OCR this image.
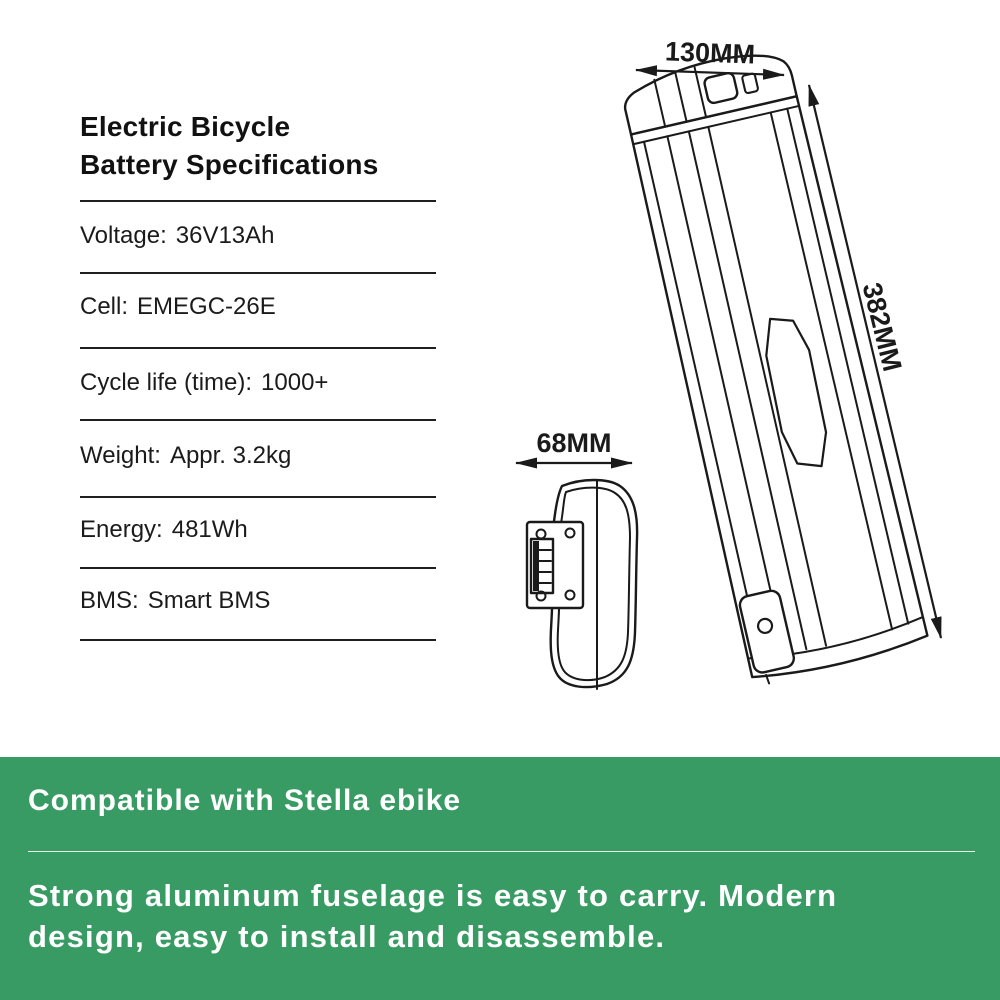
Electric Bicycle
Battery Specifications
Voltage: 36V13Ah
Cell: EMEGC-26E
Cycle life (time): 1000+
Weight: Appr. 3.2kg
Energy: 481Wh
BMS: Smart BMS
130MM
382MM
68MM
Compatible with Stella ebike
Strong aluminum fuselage is easy to carry. Modern
design, easy to install and disassemble.
